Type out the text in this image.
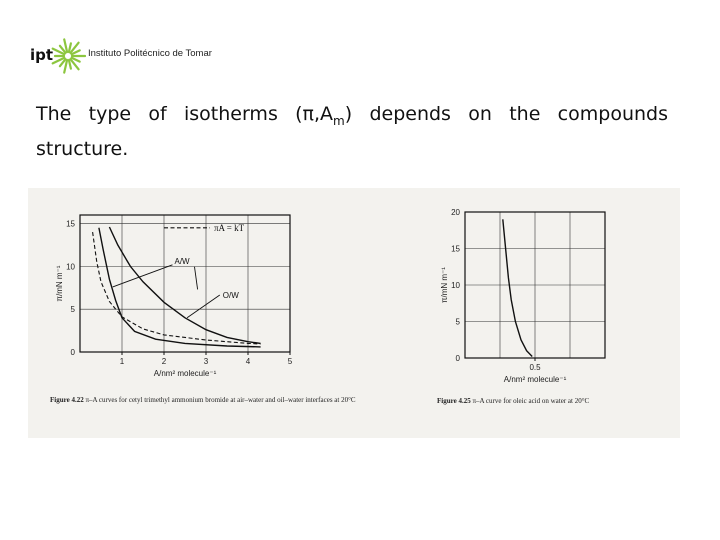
ipt	Instituto Politécnico de Tomar
The type of isotherms $(\pi,A_m)$ depends on the compounds structure.
1	2	3	4	5
0
5
10
15
A/nm² molecule⁻¹
π/mN m⁻¹
πA = kT
A/W
O/W
Figure 4.22 π–A curves for cetyl trimethyl ammonium bromide at air–water and oil–water interfaces at 20°C
0.5
0
5
10
15
20
A/nm² molecule⁻¹
π/mN m⁻¹
Figure 4.25 π–A curve for oleic acid on water at 20°C
